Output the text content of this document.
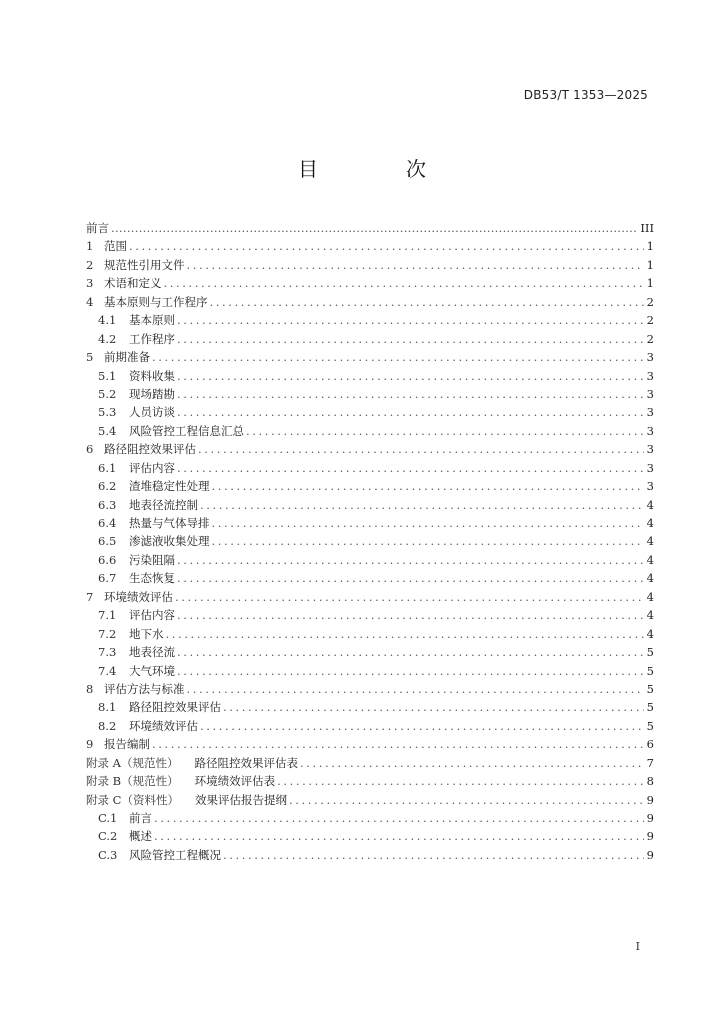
DB53/T 1353—2025
目　次
前言 .....	III
1 范围 .....	1
2 规范性引用文件 .....	1
3 术语和定义 .....	1
4 基本原则与工作程序 .....	2
4.1	基本原则 .....	2
4.2	工作程序 .....	2
5 前期准备 .....	3
5.1	资料收集 .....	3
5.2	现场踏勘 .....	3
5.3	人员访谈 .....	3
5.4	风险管控工程信息汇总 .....	3
6 路径阻控效果评估 .....	3
6.1	评估内容 .....	3
6.2	渣堆稳定性处理 .....	3
6.3	地表径流控制 .....	4
6.4	热量与气体导排 .....	4
6.5	渗滤液收集处理 .....	4
6.6	污染阻隔 .....	4
6.7	生态恢复 .....	4
7 环境绩效评估 .....	4
7.1	评估内容 .....	4
7.2	地下水 .....	4
7.3	地表径流 .....	5
7.4	大气环境 .....	5
8 评估方法与标准 .....	5
8.1	路径阻控效果评估 .....	5
8.2	环境绩效评估 .....	5
9 报告编制 .....	6
附录 A（规范性） 路径阻控效果评估表 .....	7
附录 B（规范性） 环境绩效评估表 .....	8
附录 C（资料性） 效果评估报告提纲 .....	9
C.1	前言 .....	9
C.2	概述 .....	9
C.3	风险管控工程概况 .....	9
I
